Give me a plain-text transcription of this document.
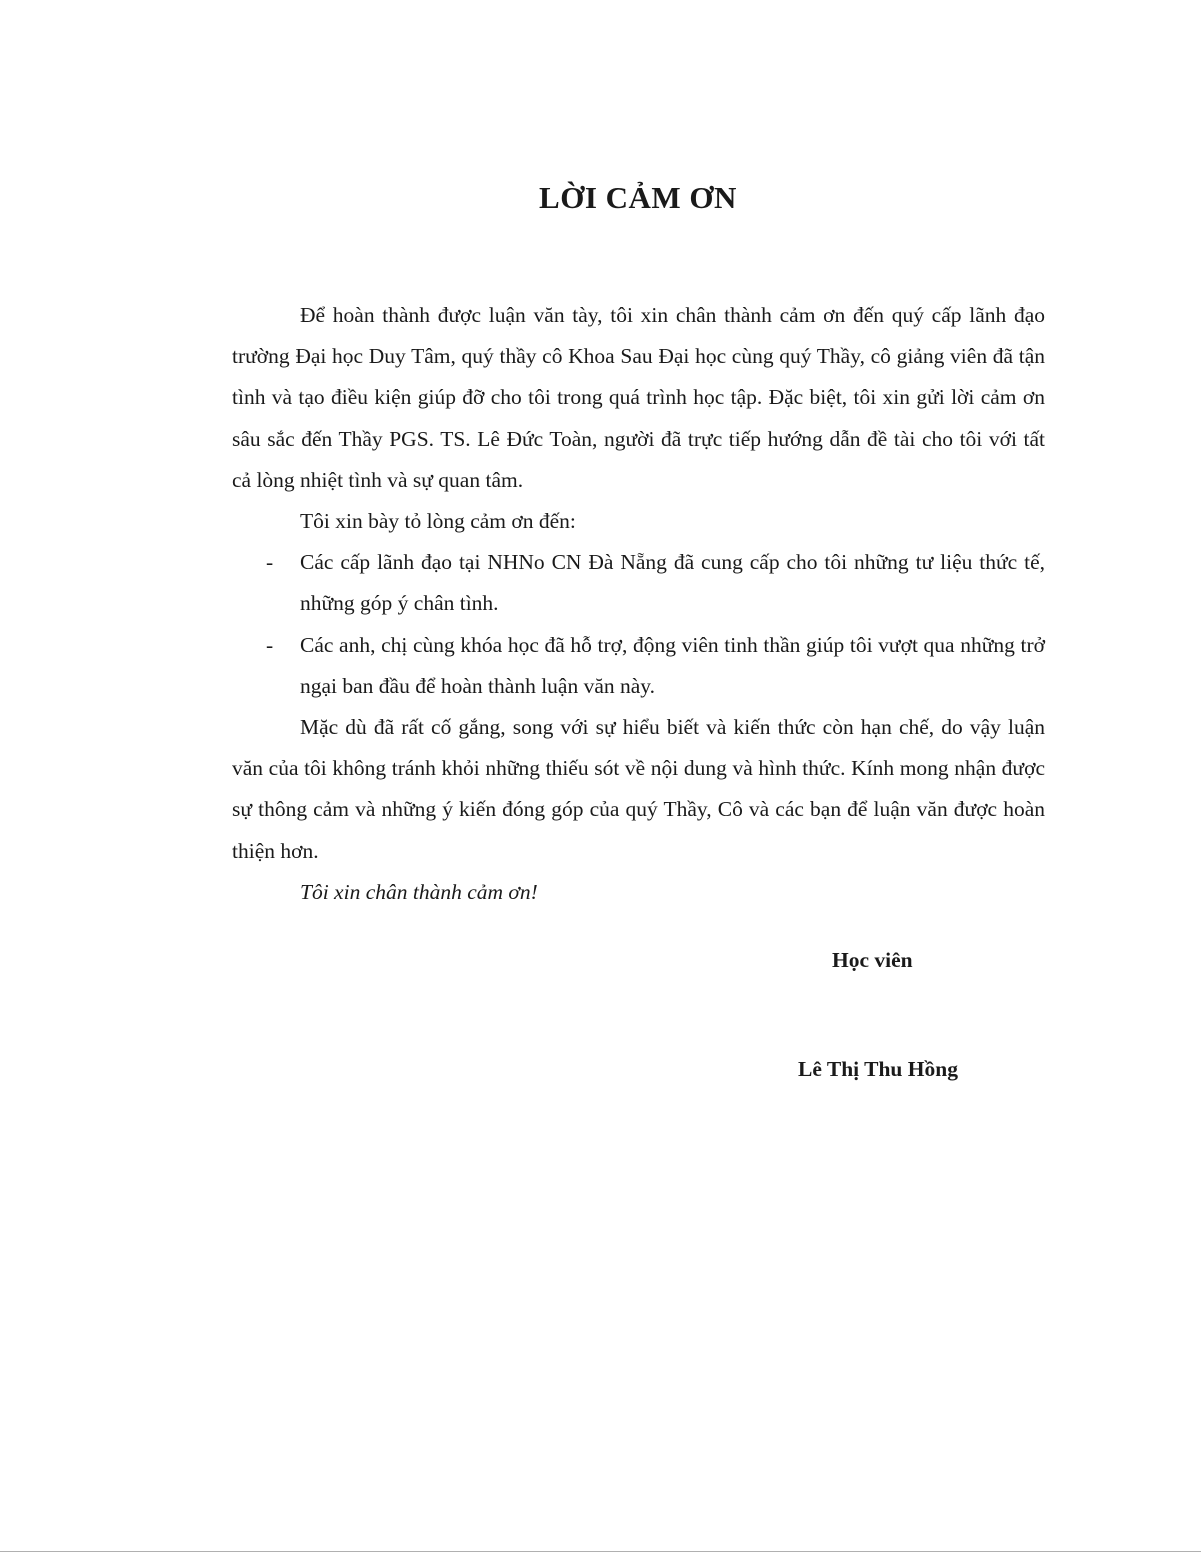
LỜI CẢM ƠN

Để hoàn thành được luận văn tày, tôi xin chân thành cảm ơn đến quý cấp lãnh đạo trường Đại học Duy Tâm, quý thầy cô Khoa Sau Đại học cùng quý Thầy, cô giảng viên đã tận tình và tạo điều kiện giúp đỡ cho tôi trong quá trình học tập. Đặc biệt, tôi xin gửi lời cảm ơn sâu sắc đến Thầy PGS. TS. Lê Đức Toàn, người đã trực tiếp hướng dẫn đề tài cho tôi với tất cả lòng nhiệt tình và sự quan tâm.

Tôi xin bày tỏ lòng cảm ơn đến:

- Các cấp lãnh đạo tại NHNo CN Đà Nẵng đã cung cấp cho tôi những tư liệu thức tế, những góp ý chân tình.
- Các anh, chị cùng khóa học đã hỗ trợ, động viên tinh thần giúp tôi vượt qua những trở ngại ban đầu để hoàn thành luận văn này.

Mặc dù đã rất cố gắng, song với sự hiểu biết và kiến thức còn hạn chế, do vậy luận văn của tôi không tránh khỏi những thiếu sót về nội dung và hình thức. Kính mong nhận được sự thông cảm và những ý kiến đóng góp của quý Thầy, Cô và các bạn để luận văn được hoàn thiện hơn.

Tôi xin chân thành cảm ơn!

Học viên
Lê Thị Thu Hồng
